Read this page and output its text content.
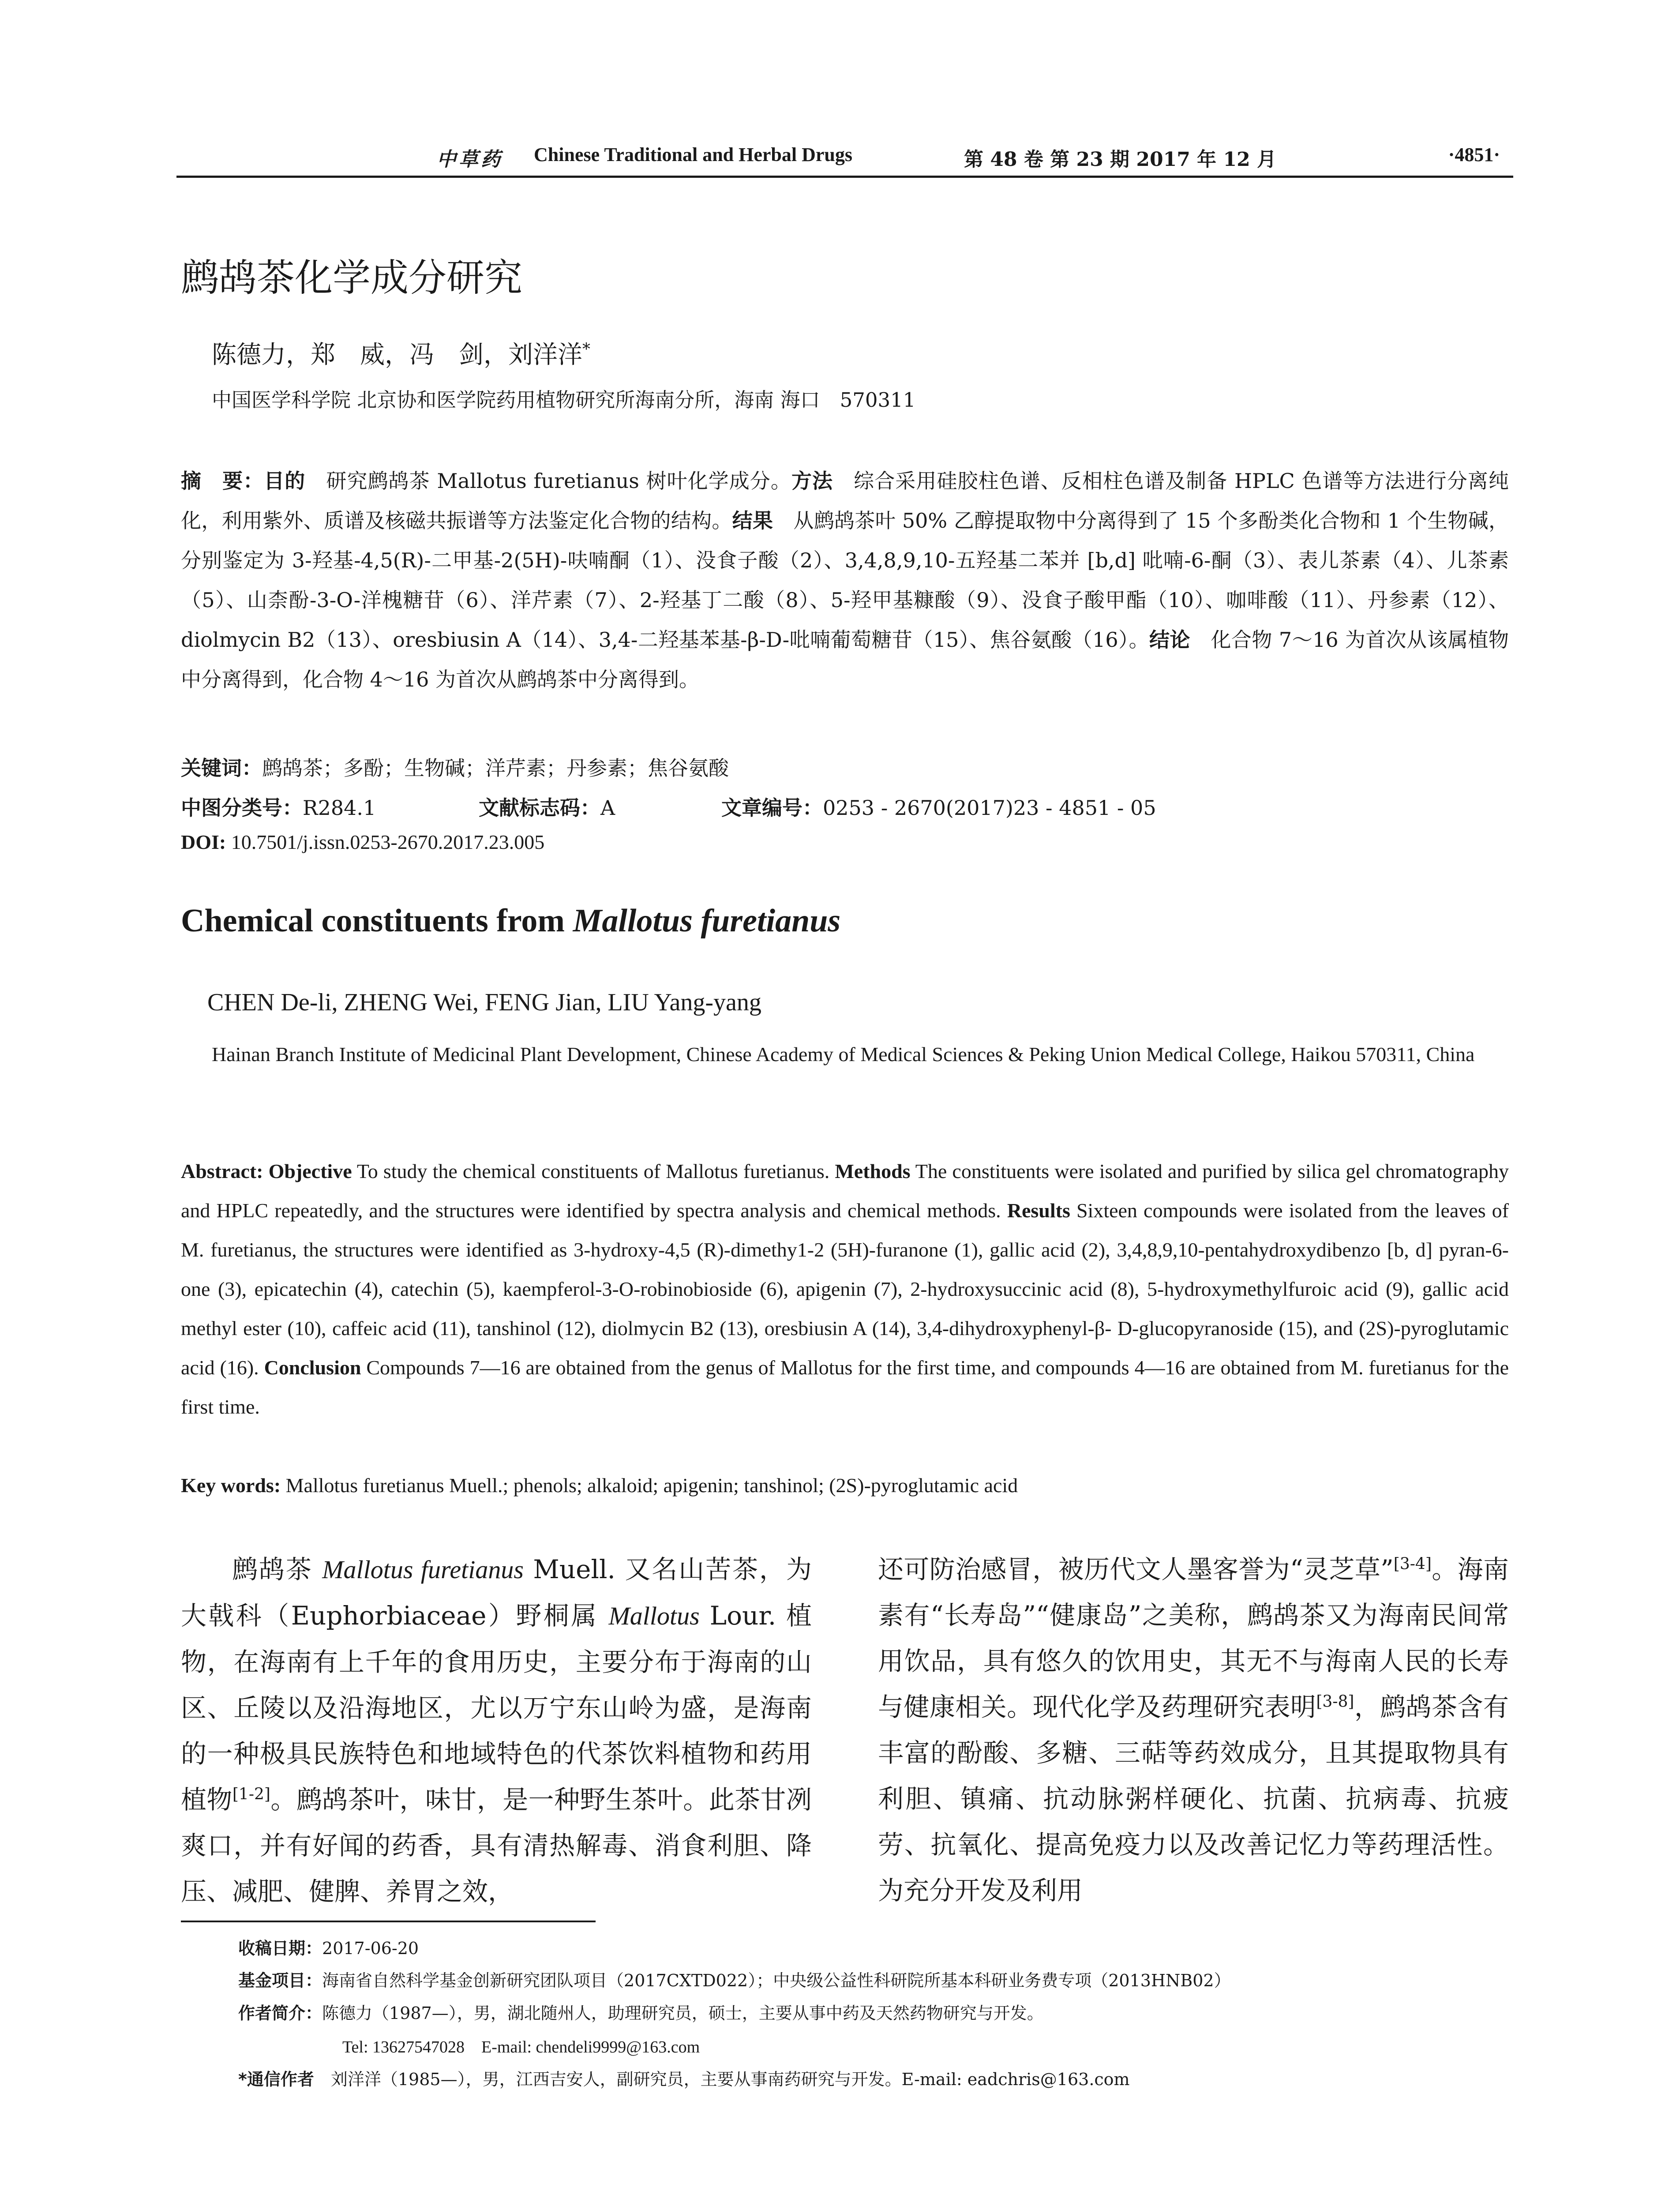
中草药 Chinese Traditional and Herbal Drugs	第 48 卷 第 23 期 2017 年 12 月	·4851·
鹧鸪茶化学成分研究
陈德力，郑　威，冯　剑，刘洋洋*
中国医学科学院 北京协和医学院药用植物研究所海南分所，海南 海口　570311
摘　要：目的　研究鹧鸪茶 Mallotus furetianus 树叶化学成分。方法　综合采用硅胶柱色谱、反相柱色谱及制备 HPLC 色谱等方法进行分离纯化，利用紫外、质谱及核磁共振谱等方法鉴定化合物的结构。结果　从鹧鸪茶叶 50% 乙醇提取物中分离得到了 15 个多酚类化合物和 1 个生物碱，分别鉴定为 3-羟基-4,5(R)-二甲基-2(5H)-呋喃酮（1）、没食子酸（2）、3,4,8,9,10-五羟基二苯并 [b,d] 吡喃-6-酮（3）、表儿茶素（4）、儿茶素（5）、山柰酚-3-O-洋槐糖苷（6）、洋芹素（7）、2-羟基丁二酸（8）、5-羟甲基糠酸（9）、没食子酸甲酯（10）、咖啡酸（11）、丹参素（12）、diolmycin B2（13）、oresbiusin A（14）、3,4-二羟基苯基-β-D-吡喃葡萄糖苷（15）、焦谷氨酸（16）。结论　化合物 7～16 为首次从该属植物中分离得到，化合物 4～16 为首次从鹧鸪茶中分离得到。
关键词：鹧鸪茶；多酚；生物碱；洋芹素；丹参素；焦谷氨酸
中图分类号：R284.1	文献标志码：A	文章编号：0253 - 2670(2017)23 - 4851 - 05
DOI: 10.7501/j.issn.0253-2670.2017.23.005
Chemical constituents from Mallotus furetianus
CHEN De-li, ZHENG Wei, FENG Jian, LIU Yang-yang
Hainan Branch Institute of Medicinal Plant Development, Chinese Academy of Medical Sciences & Peking Union Medical College, Haikou 570311, China
Abstract: Objective To study the chemical constituents of Mallotus furetianus. Methods The constituents were isolated and purified by silica gel chromatography and HPLC repeatedly, and the structures were identified by spectra analysis and chemical methods. Results Sixteen compounds were isolated from the leaves of M. furetianus, the structures were identified as 3-hydroxy-4,5 (R)-dimethy1-2 (5H)-furanone (1), gallic acid (2), 3,4,8,9,10-pentahydroxydibenzo [b, d] pyran-6-one (3), epicatechin (4), catechin (5), kaempferol-3-O-robinobioside (6), apigenin (7), 2-hydroxysuccinic acid (8), 5-hydroxymethylfuroic acid (9), gallic acid methyl ester (10), caffeic acid (11), tanshinol (12), diolmycin B2 (13), oresbiusin A (14), 3,4-dihydroxyphenyl-β- D-glucopyranoside (15), and (2S)-pyroglutamic acid (16). Conclusion Compounds 7—16 are obtained from the genus of Mallotus for the first time, and compounds 4—16 are obtained from M. furetianus for the first time.
Key words: Mallotus furetianus Muell.; phenols; alkaloid; apigenin; tanshinol; (2S)-pyroglutamic acid
鹧鸪茶 Mallotus furetianus Muell. 又名山苦茶，为大戟科（Euphorbiaceae）野桐属 Mallotus Lour. 植物，在海南有上千年的食用历史，主要分布于海南的山区、丘陵以及沿海地区，尤以万宁东山岭为盛，是海南的一种极具民族特色和地域特色的代茶饮料植物和药用植物[1-2]。鹧鸪茶叶，味甘，是一种野生茶叶。此茶甘冽爽口，并有好闻的药香，具有清热解毒、消食利胆、降压、减肥、健脾、养胃之效，
还可防治感冒，被历代文人墨客誉为“灵芝草”[3-4]。海南素有“长寿岛”“健康岛”之美称，鹧鸪茶又为海南民间常用饮品，具有悠久的饮用史，其无不与海南人民的长寿与健康相关。现代化学及药理研究表明[3-8]，鹧鸪茶含有丰富的酚酸、多糖、三萜等药效成分，且其提取物具有利胆、镇痛、抗动脉粥样硬化、抗菌、抗病毒、抗疲劳、抗氧化、提高免疫力以及改善记忆力等药理活性。为充分开发及利用
收稿日期：2017-06-20
基金项目：海南省自然科学基金创新研究团队项目（2017CXTD022）；中央级公益性科研院所基本科研业务费专项（2013HNB02）
作者简介：陈德力（1987—），男，湖北随州人，助理研究员，硕士，主要从事中药及天然药物研究与开发。
Tel: 13627547028　E-mail: chendeli9999@163.com
*通信作者　刘洋洋（1985—），男，江西吉安人，副研究员，主要从事南药研究与开发。E-mail: eadchris@163.com
